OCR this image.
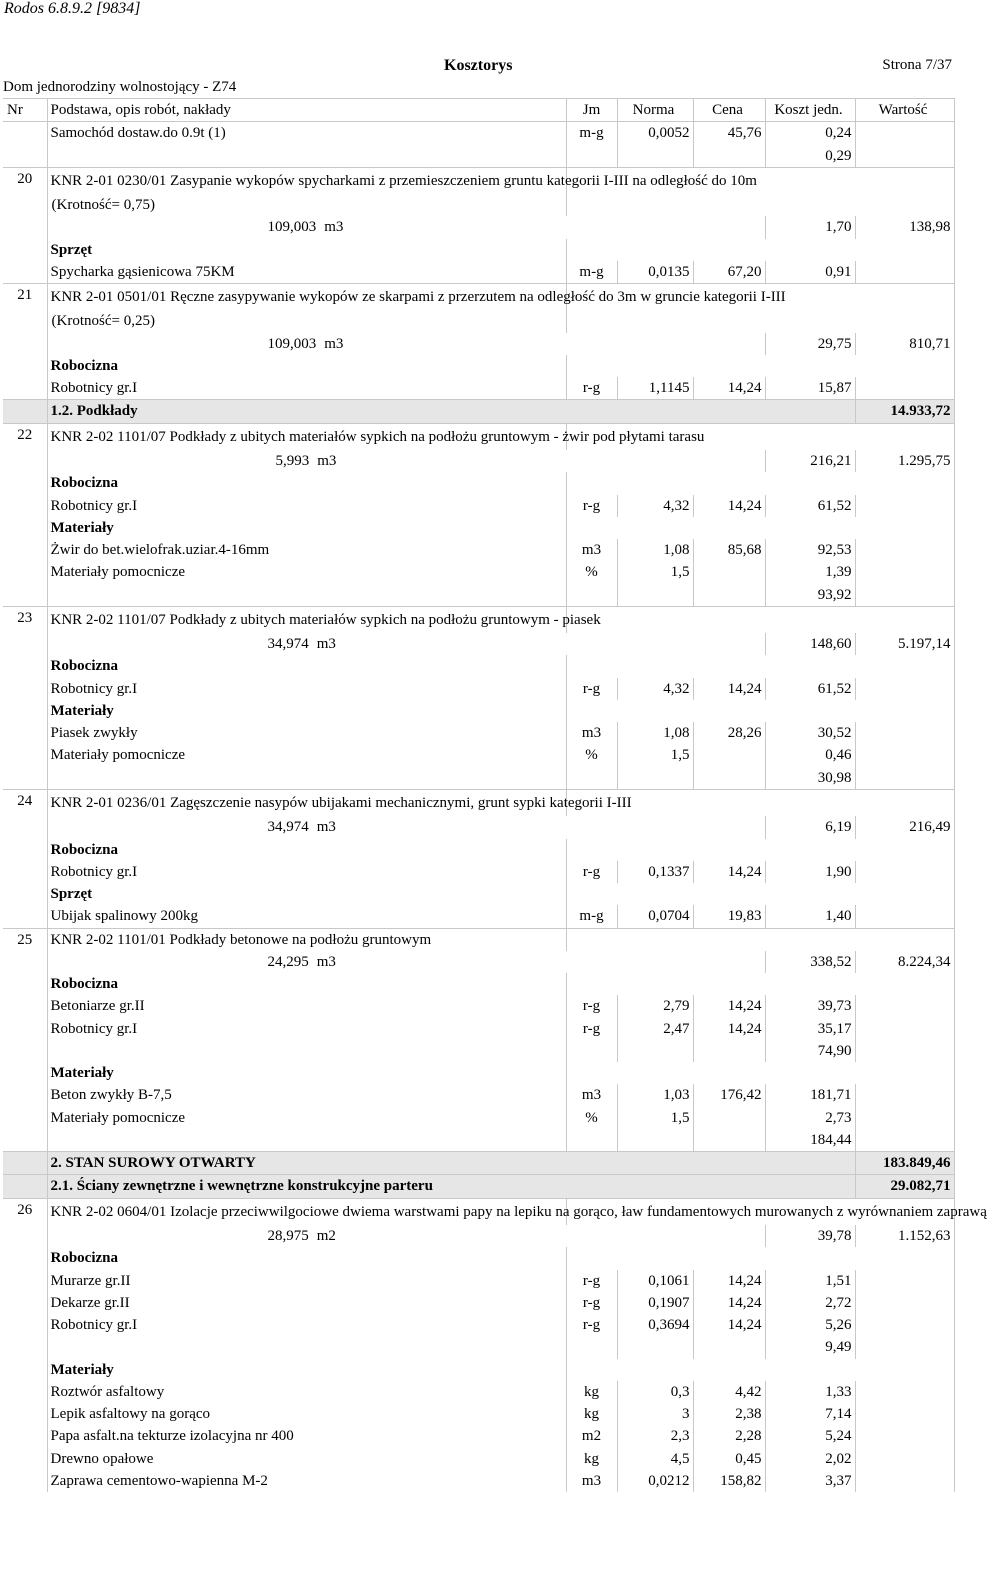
Rodos 6.8.9.2 [9834]
Kosztorys	Strona 7/37
Dom jednorodziny wolnostojący - Z74
Nr	Podstawa, opis robót, nakłady	Jm	Norma	Cena	Koszt jedn.	Wartość
	Samochód dostaw.do 0.9t (1)	m-g	0,0052	45,76	0,24	
					0,29	
20	KNR 2-01 0230/01 Zasypanie wykopów spycharkami z przemieszczeniem gruntu kategorii I-III na odległość do 10m					
	(Krotność= 0,75)					
	109,003 m3				1,70	138,98
	Sprzęt					
	Spycharka gąsienicowa 75KM	m-g	0,0135	67,20	0,91	
21	KNR 2-01 0501/01 Ręczne zasypywanie wykopów ze skarpami z przerzutem na odległość do 3m w gruncie kategorii I-III					
	(Krotność= 0,25)					
	109,003 m3				29,75	810,71
	Robocizna					
	Robotnicy gr.I	r-g	1,1145	14,24	15,87	
	1.2. Podkłady					14.933,72
22	KNR 2-02 1101/07 Podkłady z ubitych materiałów sypkich na podłożu gruntowym - żwir pod płytami tarasu					
	5,993 m3				216,21	1.295,75
	Robocizna					
	Robotnicy gr.I	r-g	4,32	14,24	61,52	
	Materiały					
	Żwir do bet.wielofrak.uziar.4-16mm	m3	1,08	85,68	92,53	
	Materiały pomocnicze	%	1,5		1,39	
					93,92	
23	KNR 2-02 1101/07 Podkłady z ubitych materiałów sypkich na podłożu gruntowym - piasek					
	34,974 m3				148,60	5.197,14
	Robocizna					
	Robotnicy gr.I	r-g	4,32	14,24	61,52	
	Materiały					
	Piasek zwykły	m3	1,08	28,26	30,52	
	Materiały pomocnicze	%	1,5		0,46	
					30,98	
24	KNR 2-01 0236/01 Zagęszczenie nasypów ubijakami mechanicznymi, grunt sypki kategorii I-III					
	34,974 m3				6,19	216,49
	Robocizna					
	Robotnicy gr.I	r-g	0,1337	14,24	1,90	
	Sprzęt					
	Ubijak spalinowy 200kg	m-g	0,0704	19,83	1,40	
25	KNR 2-02 1101/01 Podkłady betonowe na podłożu gruntowym					
	24,295 m3				338,52	8.224,34
	Robocizna					
	Betoniarze gr.II	r-g	2,79	14,24	39,73	
	Robotnicy gr.I	r-g	2,47	14,24	35,17	
					74,90	
	Materiały					
	Beton zwykły B-7,5	m3	1,03	176,42	181,71	
	Materiały pomocnicze	%	1,5		2,73	
					184,44	
	2. STAN SUROWY OTWARTY					183.849,46
	2.1. Ściany zewnętrzne i wewnętrzne konstrukcyjne parteru					29.082,71
26	KNR 2-02 0604/01 Izolacje przeciwwilgociowe dwiema warstwami papy na lepiku na gorąco, ław fundamentowych murowanych z wyrównaniem zaprawą					
	28,975 m2				39,78	1.152,63
	Robocizna					
	Murarze gr.II	r-g	0,1061	14,24	1,51	
	Dekarze gr.II	r-g	0,1907	14,24	2,72	
	Robotnicy gr.I	r-g	0,3694	14,24	5,26	
					9,49	
	Materiały					
	Roztwór asfaltowy	kg	0,3	4,42	1,33	
	Lepik asfaltowy na gorąco	kg	3	2,38	7,14	
	Papa asfalt.na tekturze izolacyjna nr 400	m2	2,3	2,28	5,24	
	Drewno opałowe	kg	4,5	0,45	2,02	
	Zaprawa cementowo-wapienna M-2	m3	0,0212	158,82	3,37	
